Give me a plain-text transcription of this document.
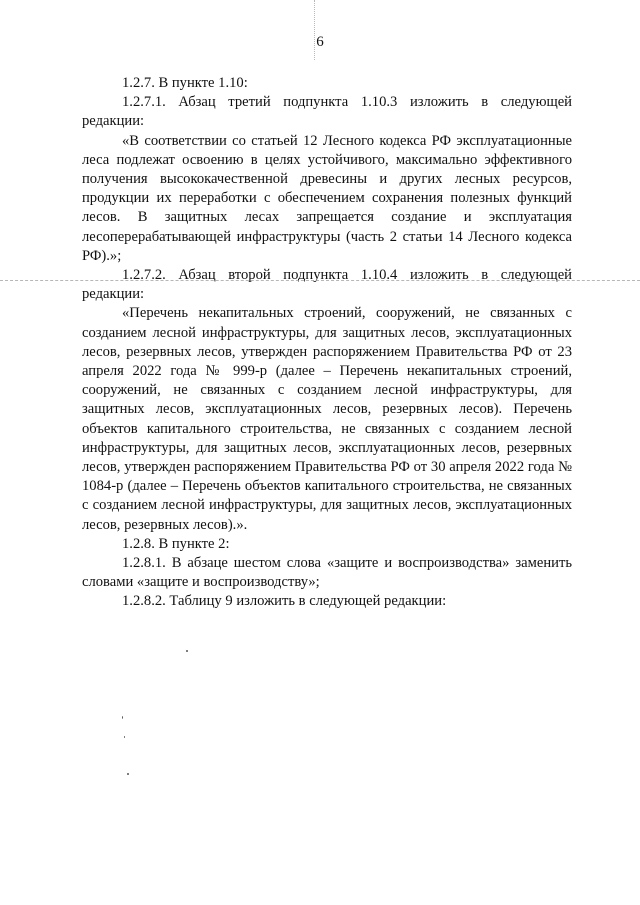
6

1.2.7. В пункте 1.10:

1.2.7.1. Абзац третий подпункта 1.10.3 изложить в следующей редакции:

«В соответствии со статьей 12 Лесного кодекса РФ эксплуатационные леса подлежат освоению в целях устойчивого, максимально эффективного получения высококачественной древесины и других лесных ресурсов, продукции их переработки с обеспечением сохранения полезных функций лесов. В защитных лесах запрещается создание и эксплуатация лесоперерабатывающей инфраструктуры (часть 2 статьи 14 Лесного кодекса РФ).»;

1.2.7.2. Абзац второй подпункта 1.10.4 изложить в следующей редакции:

«Перечень некапитальных строений, сооружений, не связанных с созданием лесной инфраструктуры, для защитных лесов, эксплуатационных лесов, резервных лесов, утвержден распоряжением Правительства РФ от 23 апреля 2022 года № 999-р (далее – Перечень некапитальных строений, сооружений, не связанных с созданием лесной инфраструктуры, для защитных лесов, эксплуатационных лесов, резервных лесов). Перечень объектов капитального строительства, не связанных с созданием лесной инфраструктуры, для защитных лесов, эксплуатационных лесов, резервных лесов, утвержден распоряжением Правительства РФ от 30 апреля 2022 года № 1084-р (далее – Перечень объектов капитального строительства, не связанных с созданием лесной инфраструктуры, для защитных лесов, эксплуатационных лесов, резервных лесов).».

1.2.8. В пункте 2:

1.2.8.1. В абзаце шестом слова «защите и воспроизводства» заменить словами «защите и воспроизводству»;

1.2.8.2. Таблицу 9 изложить в следующей редакции:
